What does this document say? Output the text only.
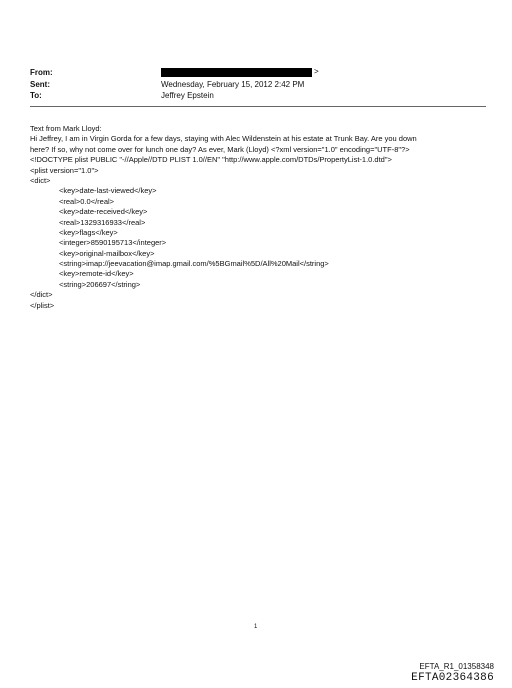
From:	>
Sent:	Wednesday, February 15, 2012 2:42 PM
To:	Jeffrey Epstein
Text from Mark Lloyd:
Hi Jeffrey, I am in Virgin Gorda for a few days, staying with Alec Wildenstein at his estate at Trunk Bay. Are you down
here? If so, why not come over for lunch one day? As ever, Mark (Lloyd) <?xml version="1.0" encoding="UTF-8"?>
<!DOCTYPE plist PUBLIC "-//Apple//DTD PLIST 1.0//EN" "http://www.apple.com/DTDs/PropertyList-1.0.dtd">
<plist version="1.0">
<dict>
<key>date-last-viewed</key>
<real>0.0</real>
<key>date-received</key>
<real>1329316933</real>
<key>flags</key>
<integer>8590195713</integer>
<key>original-mailbox</key>
<string>imap://jeevacation@imap.gmail.com/%5BGmail%5D/All%20Mail</string>
<key>remote-id</key>
<string>206697</string>
</dict>
</plist>
1
EFTA_R1_01358348
EFTA02364386
